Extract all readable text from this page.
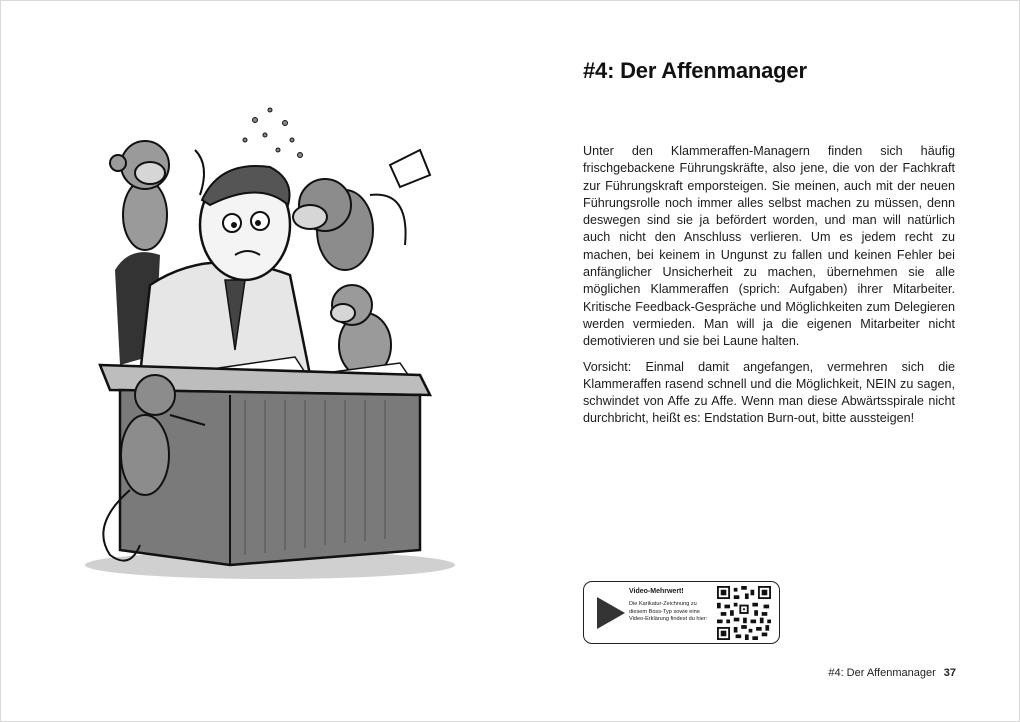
#4: Der Affenmanager

Unter den Klammeraffen-Managern finden sich häufig frischgebackene Führungskräfte, also jene, die von der Fachkraft zur Führungskraft emporsteigen. Sie meinen, auch mit der neuen Führungsrolle noch immer alles selbst machen zu müssen, denn deswegen sind sie ja befördert worden, und man will natürlich auch nicht den Anschluss verlieren. Um es jedem recht zu machen, bei keinem in Ungunst zu fallen und keinen Fehler bei anfänglicher Unsicherheit zu machen, übernehmen sie alle möglichen Klammeraffen (sprich: Aufgaben) ihrer Mitarbeiter. Kritische Feedback-Gespräche und Möglichkeiten zum Delegieren werden vermieden. Man will ja die eigenen Mitarbeiter nicht demotivieren und sie bei Laune halten.

Vorsicht: Einmal damit angefangen, vermehren sich die Klammeraffen rasend schnell und die Möglichkeit, NEIN zu sagen, schwindet von Affe zu Affe. Wenn man diese Abwärtsspirale nicht durchbricht, heißt es: Endstation Burn-out, bitte aussteigen!

Video-Mehrwert!
Die Karikatur-Zeichnung zu diesem Boss-Typ sowie eine Video-Erklärung findest du hier:
#4: Der Affenmanager 37
